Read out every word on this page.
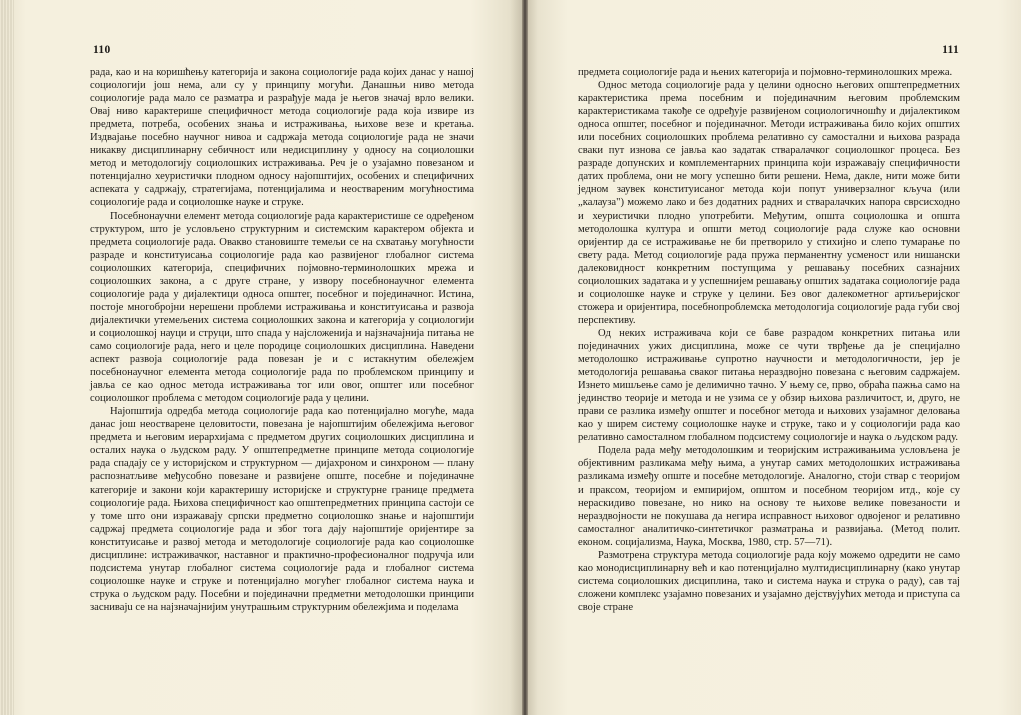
110

рада, као и на коришћењу категорија и закона социологије рада којих данас у нашој социологији још нема, али су у принципу могући. Данашњи ниво метода социологије рада мало се разматра и разрађује мада је његов значај врло велики. Овај ниво карактерише специфичност метода социологије рада која извире из предмета, потреба, особених знања и истраживања, њихове везе и кретања. Издвајање посебно научног нивоа и садржаја метода социологије рада не значи никакву дисциплинарну себичност или недисциплину у односу на социолошки метод и методологију социолошких истраживања. Реч је о узајамно повезаном и потенцијално хеуристички плодном односу најопштијих, особених и специфичних аспеката у садржају, стратегијама, потенцијалима и неоствареним могућностима социологије рада и социолошке науке и струке.

Посебнонаучни елемент метода социологије рада карактеристише се одређеном структуром, што је условљено структурним и системским карактером објекта и предмета социологије рада. Овакво становиште темељи се на схватању могућности разраде и конституисања социологије рада као развијеног глобалног система социолошких категорија, специфичних појмовно-терминолошких мрежа и социолошких закона, а с друге стране, у извору посебнонаучног елемента социологије рада у дијалектици односа општег, посебног и појединачног. Истина, постоје многобројни нерешени проблеми истраживања и конституисања и развоја дијалектички утемељених система социолошких закона и категорија у социологији и социолошкој науци и струци, што спада у најсложенија и најзначајнија питања не само социологије рада, него и целе породице социолошких дисциплина. Наведени аспект развоја социологије рада повезан је и с истакнутим обележјем посебнонаучног елемента метода социологије рада по проблемском принципу и јавља се као однос метода истраживања тог или овог, општег или посебног социолошког проблема с методом социологије рада у целини.

Најопштија одредба метода социологије рада као потенцијално могуће, мада данас још неостварене целовитости, повезана је најопштијим обележјима његовог предмета и његовим иерархијама с предметом других социолошких дисциплина и осталих наука о људском раду. У општепредметне принципе метода социологије рада спадају се у историјском и структурном — дијахроном и синхроном — плану распознатљиве међусобно повезане и развијене опште, посебне и појединачне категорије и закони који карактеришу историјске и структурне границе предмета социологије рада. Њихова специфичност као општепредметних принципа састоји се у томе што они изражавају српски предметно социолошко знање и најопштији садржај предмета социологије рада и због тога дају најопштије оријентире за конституисање и развој метода и методологије социологије рада као социолошке дисциплине: истраживачког, наставног и практично-професионалног подручја или подсистема унутар глобалног система социологије рада и глобалног система социолошке науке и струке и потенцијално могућег глобалног система наука и струка о људском раду. Посебни и појединачни предметни методолошки принципи засниваju се на најзначајнијим унутрашњим структурним обележјима и поделама

111

предмета социологије рада и њених категорија и појмовно-терминолошких мрежа.

Однос метода социологије рада у целини односно његових општепредметних карактеристика према посебним и појединачним његовим проблемским карактеристикама такође се одређује развијеном социологичношћу и дијалектиком односа општег, посебног и појединачног. Методи истраживања било којих општих или посебних социолошких проблема релативно су самостални и њихова разрада сваки пут изнова се јавља као задатак стваралачког социолошког процеса. Без разраде допунских и комплементарних принципа који изражавају специфичности датих проблема, они не могу успешно бити решени. Нема, дакле, нити може бити једном заувек конституисаног метода који попут универзалног кључа (или „калауза") можемо лако и без додатних радних и стваралачких напора сврсисходно и хеуристички плодно употребити. Међутим, општа социолошка и општа методолошка култура и општи метод социологије рада служе као основни оријентир да се истраживање не би претворило у стихијно и слепо тумарање по свету рада. Метод социологије рада пружа перманентну усменост или нишански далековидност конкретним поступцима у решавању посебних сазнајних социолошких задатака и у успешнијем решавању општих задатака социологије рада и социолошке науке и струке у целини. Без овог далекометног артиљеријског стожера и оријентира, посебнопроблемска методологија социологије рада губи свој перспективу.

Од неких истраживача који се баве разрадом конкретних питања или појединачних ужих дисциплина, може се чути тврђење да је специјално методолошко истраживање супротно научности и методологичности, јер је методологија решавања сваког питања нераздвојно повезана с његовим садржајем. Изнето мишљење само је делимично тачно. У њему се, прво, обраћа пажња само на јединство теорије и метода и не узима се у обзир њихова различитост, и, друго, не прави се разлика између општег и посебног метода и њихових узајамног деловања као у ширем систему социолошке науке и струке, тако и у социологији рада као релативно самосталном глобалном подсистему социологије и наука о људском раду.

Подела рада међу методолошким и теоријским истраживањима условљена је објективним разликама међу њима, а унутар самих методолошких истраживања разликама између опште и посебне методологије. Аналогно, стоји ствар с теоријом и праксом, теоријом и емпиријом, општом и посебном теоријом итд., које су нераскидиво повезане, но нико на основу те њихове велике повезаности и нераздвојности не покушава да негира исправност њиховог одвојеног и релативно самосталног аналитичко-синтетичког разматрања и развијања. (Метод полит. економ. социјализма, Наука, Москва, 1980, стр. 57—71).

Размотрена структура метода социологије рада коју можемо одредити не само као монодисциплинарну већ и као потенцијално мултидисциплинарну (како унутар система социолошких дисциплина, тако и система наука и струка о раду), сав тај сложени комплекс узајамно повезаних и узајамно дејствујућих метода и приступа са своје стране
